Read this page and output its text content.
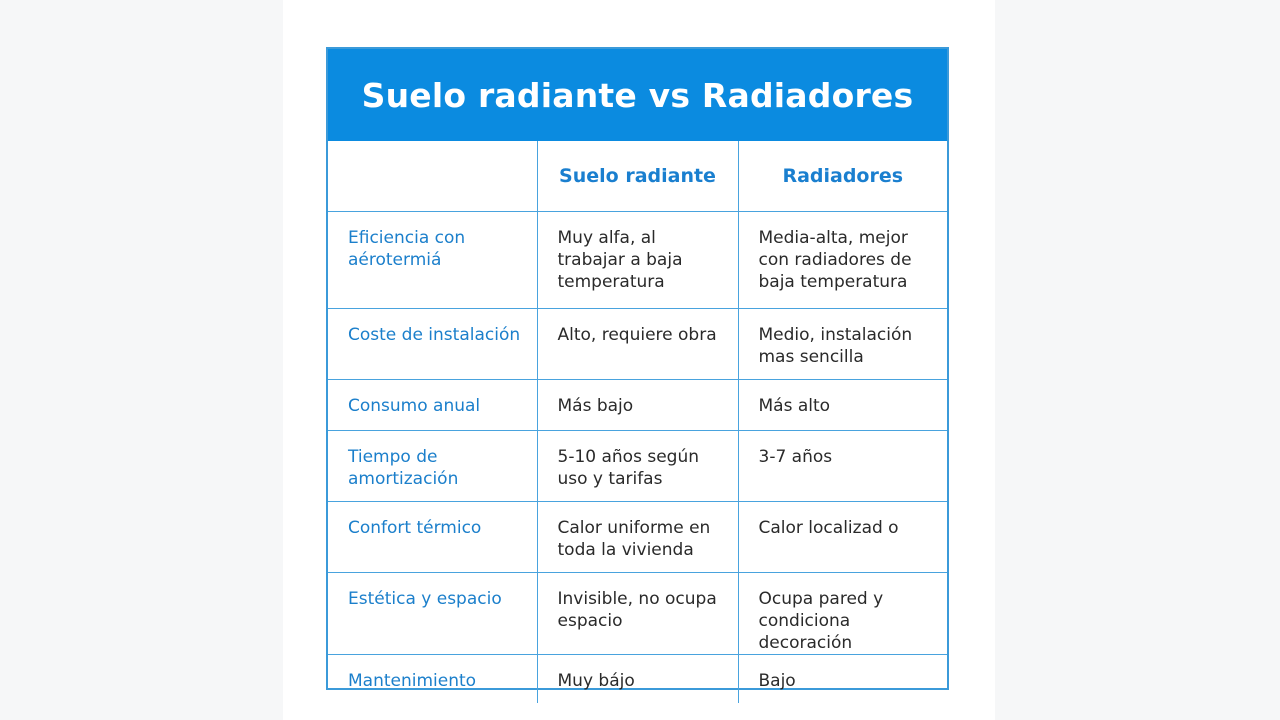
Suelo radiante vs Radiadores
	Suelo radiante	Radiadores
Eficiencia con aérotermiá	Muy alfa, al trabajar a baja temperatura	Media-alta, mejor con radiadores de baja temperatura
Coste de instalación	Alto, requiere obra	Medio, instalación mas sencilla
Consumo anual	Más bajo	Más alto
Tiempo de amortización	5-10 años según uso y tarifas	3-7 años
Confort térmico	Calor uniforme en toda la vivienda	Calor localizad o
Estética y espacio	Invisible, no ocupa espacio	Ocupa pared y condiciona decoración
Mantenimiento	Muy bájo	Bajo
